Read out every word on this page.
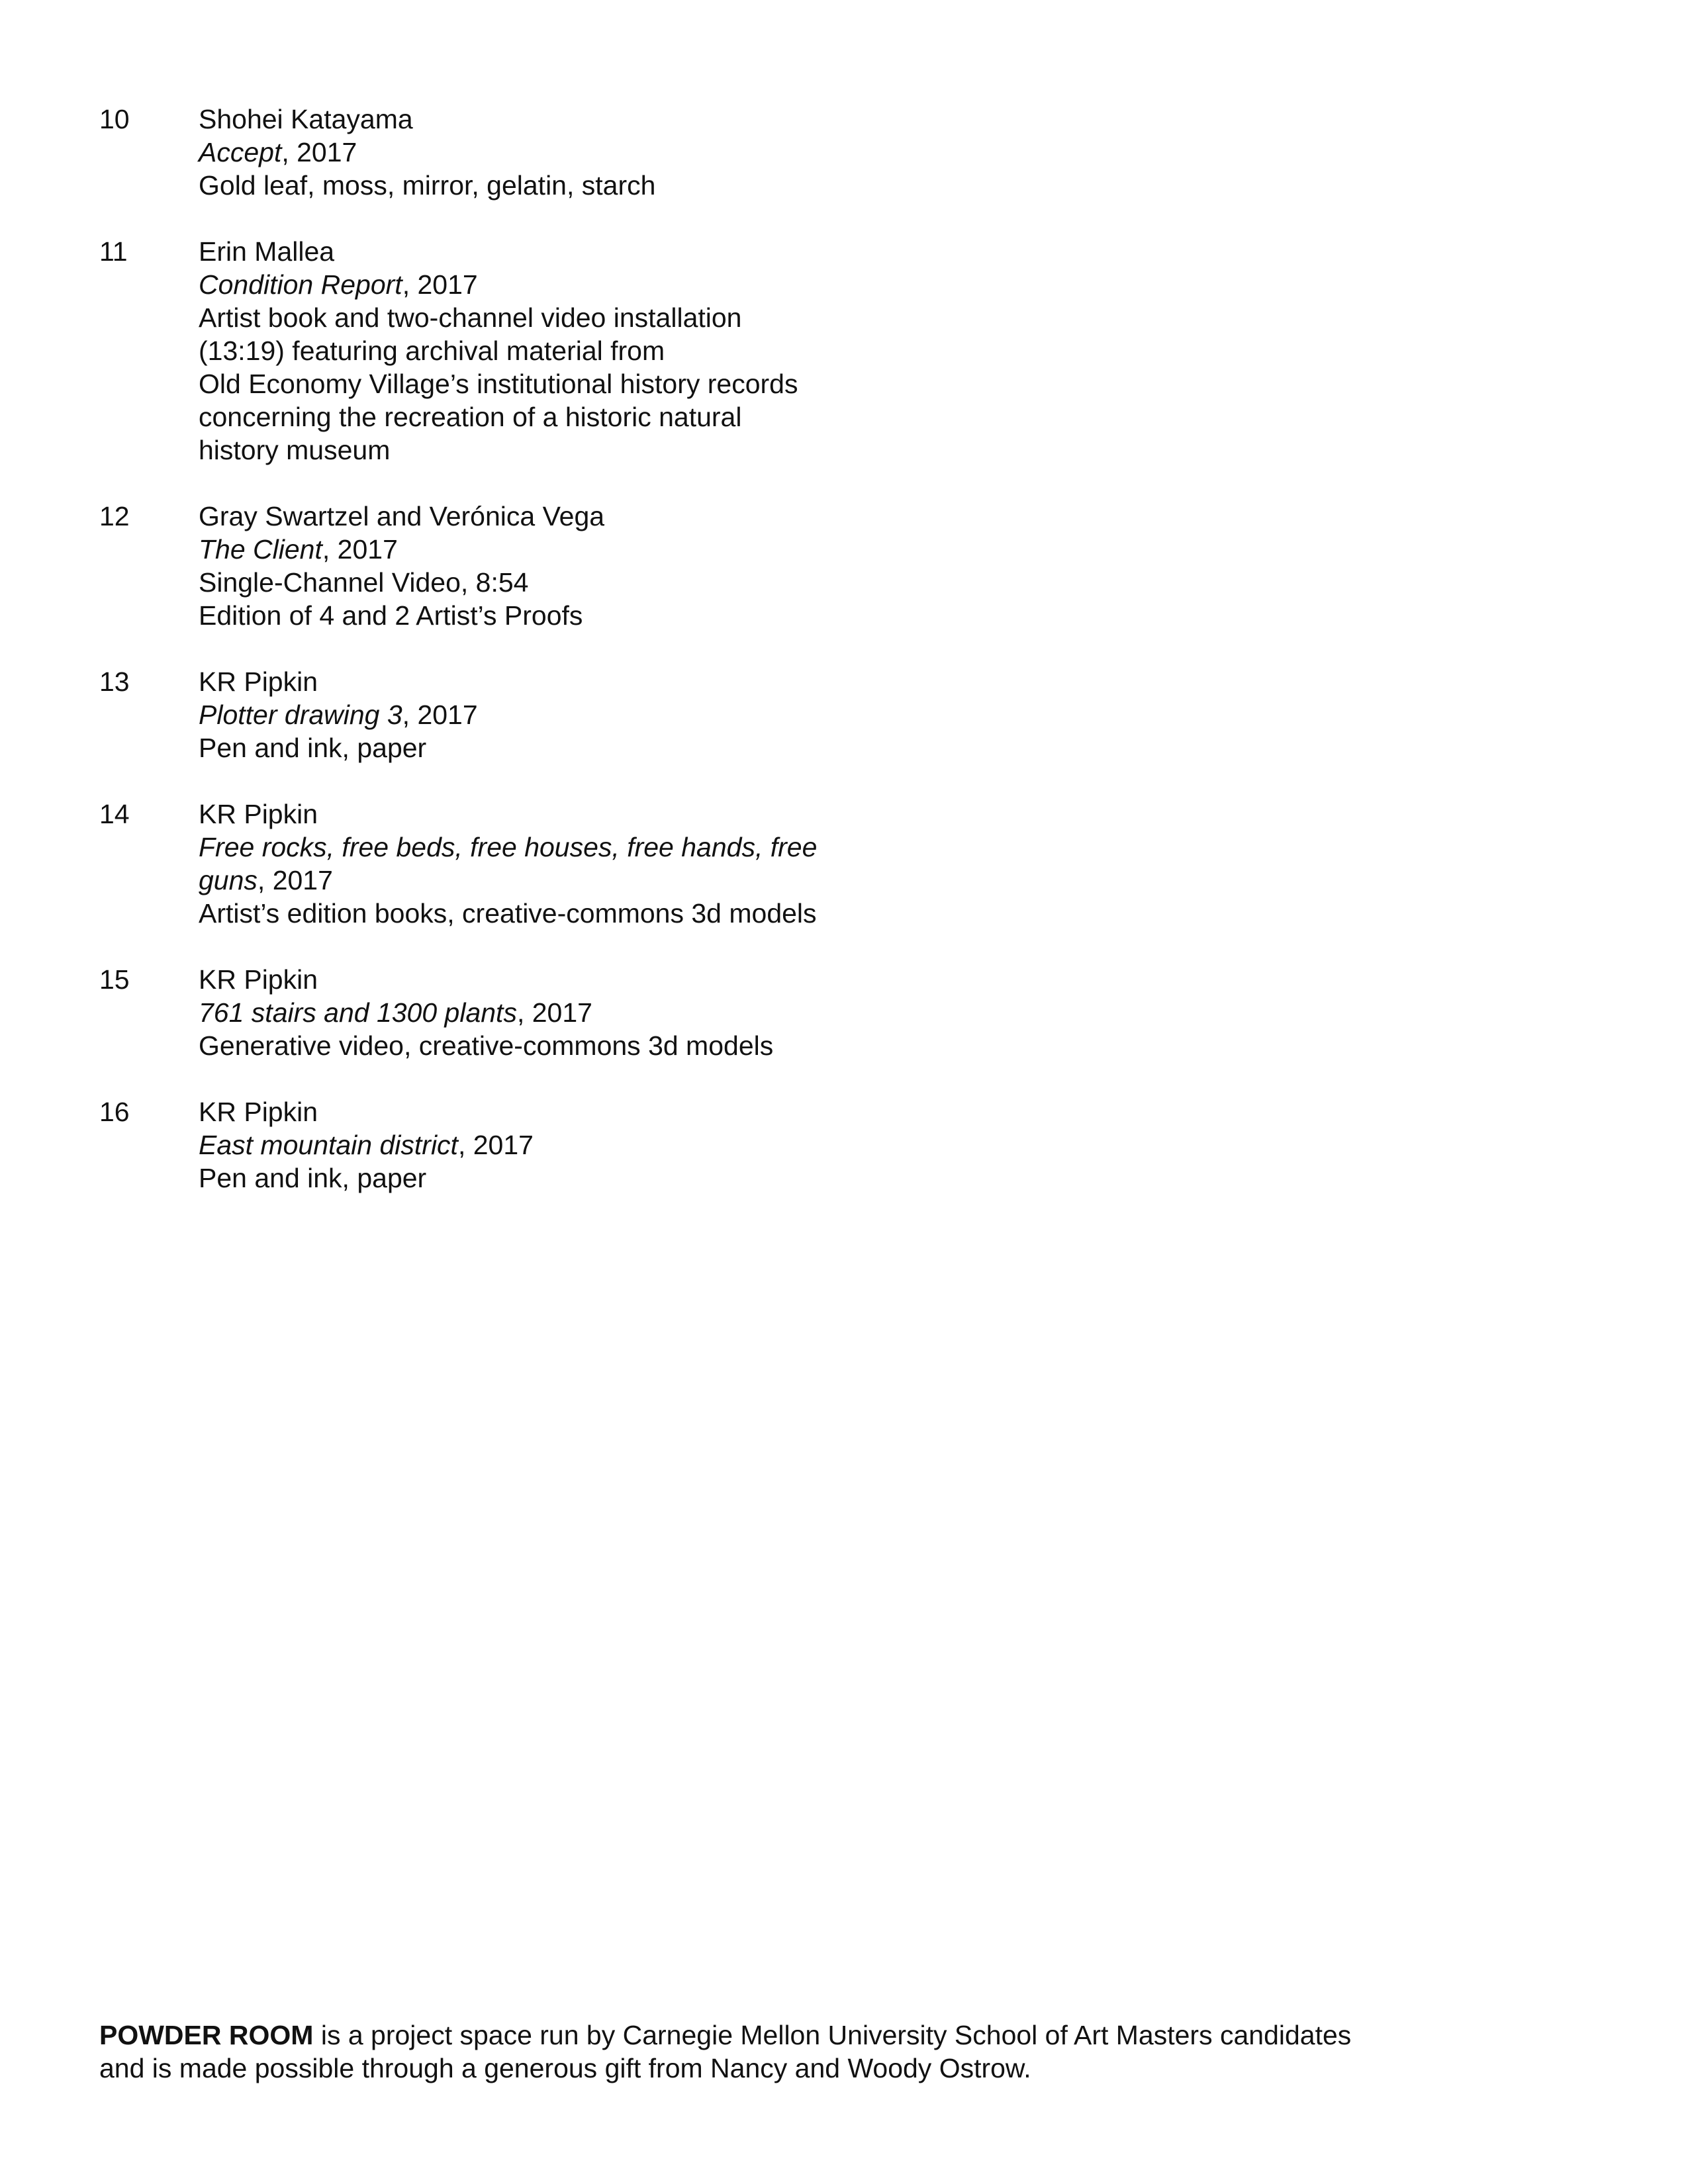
10	Shohei Katayama
Accept, 2017
Gold leaf, moss, mirror, gelatin, starch
11	Erin Mallea
Condition Report, 2017
Artist book and two-channel video installation
(13:19) featuring archival material from
Old Economy Village’s institutional history records
concerning the recreation of a historic natural
history museum
12	Gray Swartzel and Verónica Vega
The Client, 2017
Single-Channel Video, 8:54
Edition of 4 and 2 Artist’s Proofs
13	KR Pipkin
Plotter drawing 3, 2017
Pen and ink, paper
14	KR Pipkin
Free rocks, free beds, free houses, free hands, free
guns, 2017
Artist’s edition books, creative-commons 3d models
15	KR Pipkin
761 stairs and 1300 plants, 2017
Generative video, creative-commons 3d models
16	KR Pipkin
East mountain district, 2017
Pen and ink, paper
POWDER ROOM is a project space run by Carnegie Mellon University School of Art Masters candidates
and is made possible through a generous gift from Nancy and Woody Ostrow.
